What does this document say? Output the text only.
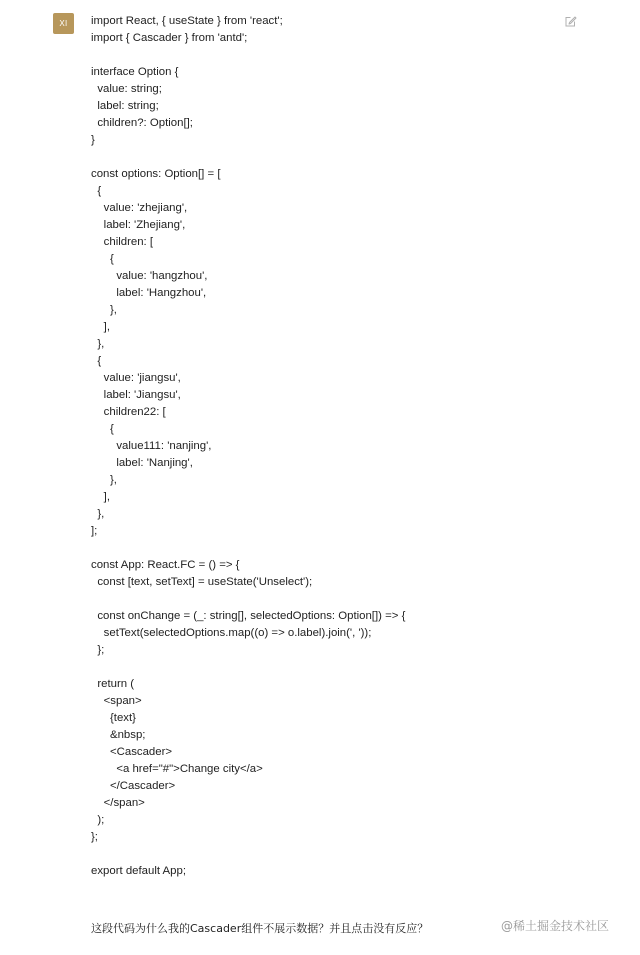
XI	import React, { useState } from 'react';
import { Cascader } from 'antd';

interface Option {
value: string;
label: string;
children?: Option[];
}

const options: Option[] = [
{
value: 'zhejiang',
label: 'Zhejiang',
children: [
{
value: 'hangzhou',
label: 'Hangzhou',
},
],
},
{
value: 'jiangsu',
label: 'Jiangsu',
children22: [
{
value111: 'nanjing',
label: 'Nanjing',
},
],
},
];

const App: React.FC = () => {
const [text, setText] = useState('Unselect');

const onChange = (_: string[], selectedOptions: Option[]) => {
setText(selectedOptions.map((o) => o.label).join(', '));
};

return (
<span>
{text}
&nbsp;
<Cascader>
<a href="#">Change city</a>
</Cascader>
</span>
);
};

export default App;
这段代码为什么我的Cascader组件不展示数据？并且点击没有反应？	@稀土掘金技术社区
